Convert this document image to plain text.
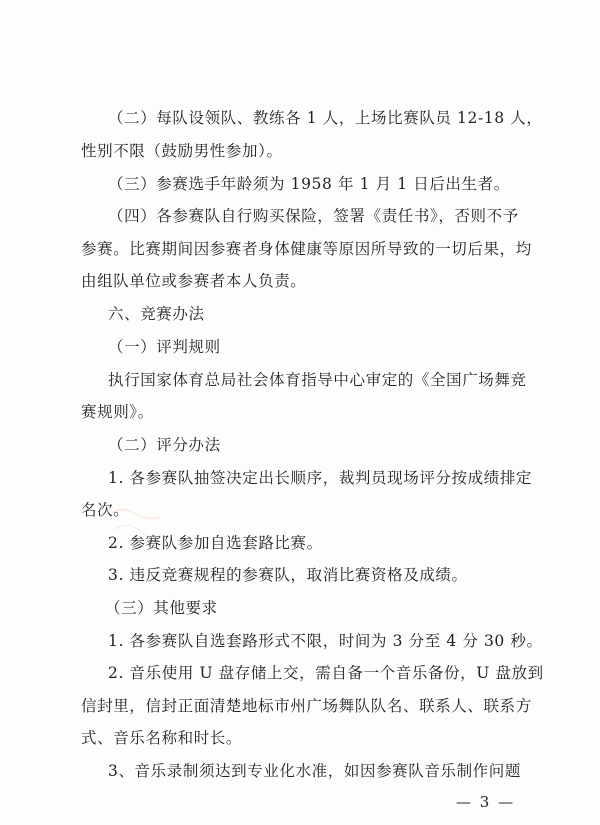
（二）每队设领队、教练各 1 人，上场比赛队员 12-18 人，
性别不限（鼓励男性参加）。
（三）参赛选手年龄须为 1958 年 1 月 1 日后出生者。
（四）各参赛队自行购买保险，签署《责任书》，否则不予
参赛。比赛期间因参赛者身体健康等原因所导致的一切后果，均
由组队单位或参赛者本人负责。
六、竞赛办法
（一）评判规则
执行国家体育总局社会体育指导中心审定的《全国广场舞竞
赛规则》。
（二）评分办法
1. 各参赛队抽签决定出长顺序，裁判员现场评分按成绩排定
名次。
2. 参赛队参加自选套路比赛。
3. 违反竞赛规程的参赛队，取消比赛资格及成绩。
（三）其他要求
1. 各参赛队自选套路形式不限，时间为 3 分至 4 分 30 秒。
2. 音乐使用 U 盘存储上交，需自备一个音乐备份，U 盘放到
信封里，信封正面清楚地标市州广场舞队队名、联系人、联系方
式、音乐名称和时长。
3、音乐录制须达到专业化水准，如因参赛队音乐制作问题
— 3 —
